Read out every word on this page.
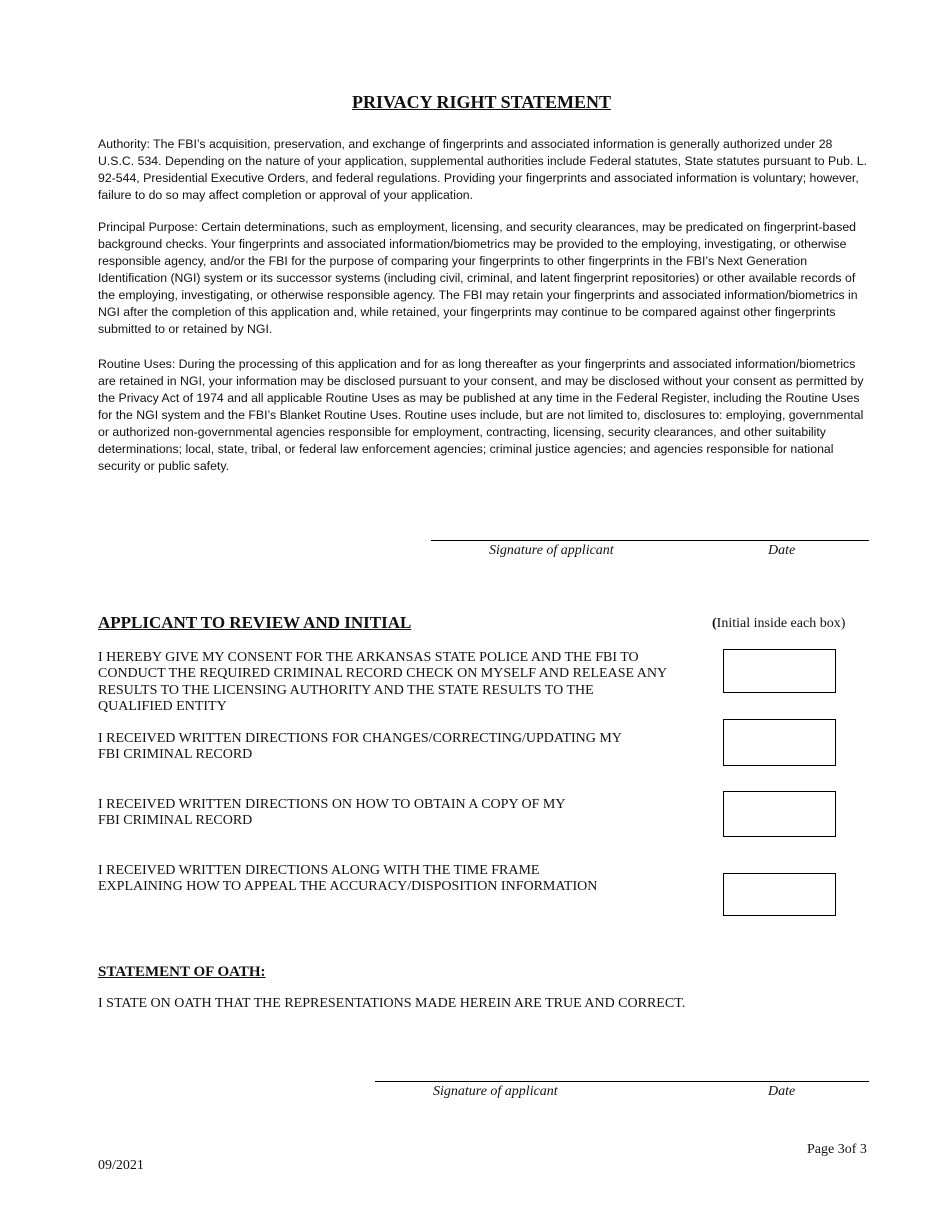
PRIVACY RIGHT STATEMENT
Authority: The FBI’s acquisition, preservation, and exchange of fingerprints and associated information is generally authorized under 28 U.S.C. 534. Depending on the nature of your application, supplemental authorities include Federal statutes, State statutes pursuant to Pub. L. 92-544, Presidential Executive Orders, and federal regulations. Providing your fingerprints and associated information is voluntary; however, failure to do so may affect completion or approval of your application.
Principal Purpose: Certain determinations, such as employment, licensing, and security clearances, may be predicated on fingerprint-based background checks. Your fingerprints and associated information/biometrics may be provided to the employing, investigating, or otherwise responsible agency, and/or the FBI for the purpose of comparing your fingerprints to other fingerprints in the FBI’s Next Generation Identification (NGI) system or its successor systems (including civil, criminal, and latent fingerprint repositories) or other available records of the employing, investigating, or otherwise responsible agency. The FBI may retain your fingerprints and associated information/biometrics in NGI after the completion of this application and, while retained, your fingerprints may continue to be compared against other fingerprints submitted to or retained by NGI.
Routine Uses: During the processing of this application and for as long thereafter as your fingerprints and associated information/biometrics are retained in NGI, your information may be disclosed pursuant to your consent, and may be disclosed without your consent as permitted by the Privacy Act of 1974 and all applicable Routine Uses as may be published at any time in the Federal Register, including the Routine Uses for the NGI system and the FBI’s Blanket Routine Uses. Routine uses include, but are not limited to, disclosures to: employing, governmental or authorized non-governmental agencies responsible for employment, contracting, licensing, security clearances, and other suitability determinations; local, state, tribal, or federal law enforcement agencies; criminal justice agencies; and agencies responsible for national security or public safety.
Signature of applicant	Date
APPLICANT TO REVIEW AND INITIAL	(Initial inside each box)
I HEREBY GIVE MY CONSENT FOR THE ARKANSAS STATE POLICE AND THE FBI TO
CONDUCT THE REQUIRED CRIMINAL RECORD CHECK ON MYSELF AND RELEASE ANY
RESULTS TO THE LICENSING AUTHORITY AND THE STATE RESULTS TO THE
QUALIFIED ENTITY
I RECEIVED WRITTEN DIRECTIONS FOR CHANGES/CORRECTING/UPDATING MY
FBI CRIMINAL RECORD
I RECEIVED WRITTEN DIRECTIONS ON HOW TO OBTAIN A COPY OF MY
FBI CRIMINAL RECORD
I RECEIVED WRITTEN DIRECTIONS ALONG WITH THE TIME FRAME
EXPLAINING HOW TO APPEAL THE ACCURACY/DISPOSITION INFORMATION
STATEMENT OF OATH:
I STATE ON OATH THAT THE REPRESENTATIONS MADE HEREIN ARE TRUE AND CORRECT.
Signature of applicant	Date
Page 3of 3
09/2021
